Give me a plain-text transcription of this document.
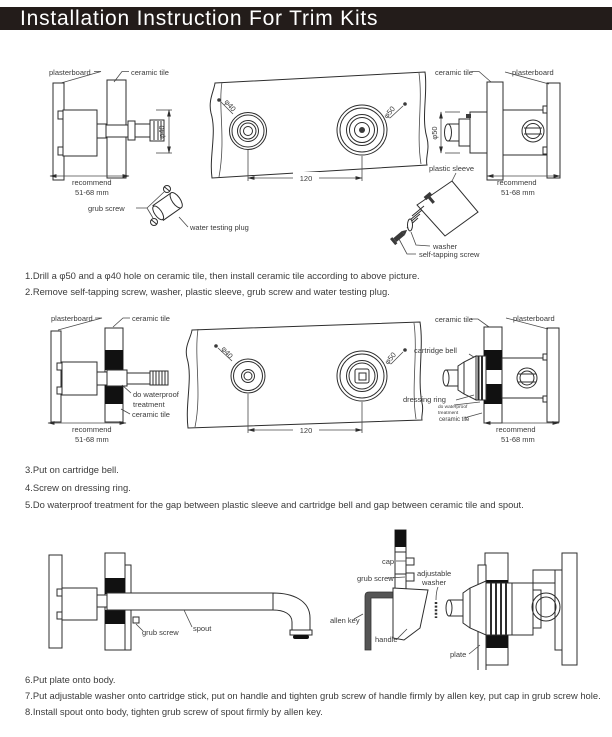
Installation Instruction For Trim Kits
plasterboard	ceramic tile
φ40
recommend
51-68 mm
φ40	φ50
120
grub screw
water testing plug
ceramic tile	plasterboard
φ50
recommend
51-68 mm
plastic sleeve
washer
self-tapping screw
1.Drill a φ50 and a φ40 hole on ceramic tile, then install ceramic tile according to above picture.
2.Remove self-tapping screw, washer, plastic sleeve, grub screw and water testing plug.
plasterboard	ceramic tile
do waterproof
treatment
ceramic tile
recommend
51-68 mm
φ40	φ50
120
ceramic tile	plasterboard
cartridge bell
dressing ring
do waterproof
treatment
ceramic tile
recommend
51-68 mm
3.Put on cartridge bell.
4.Screw on dressing ring.
5.Do waterproof treatment for the gap between plastic sleeve and cartridge bell and gap between ceramic tile and spout.
grub screw spout
allen key
cap
grub screw
adjustable
washer
handle
plate
6.Put plate onto body.
7.Put adjustable washer onto cartridge stick, put on handle and tighten grub screw of handle firmly by allen key, put cap in grub screw hole.
8.Install spout onto body, tighten grub screw of spout firmly by allen key.
